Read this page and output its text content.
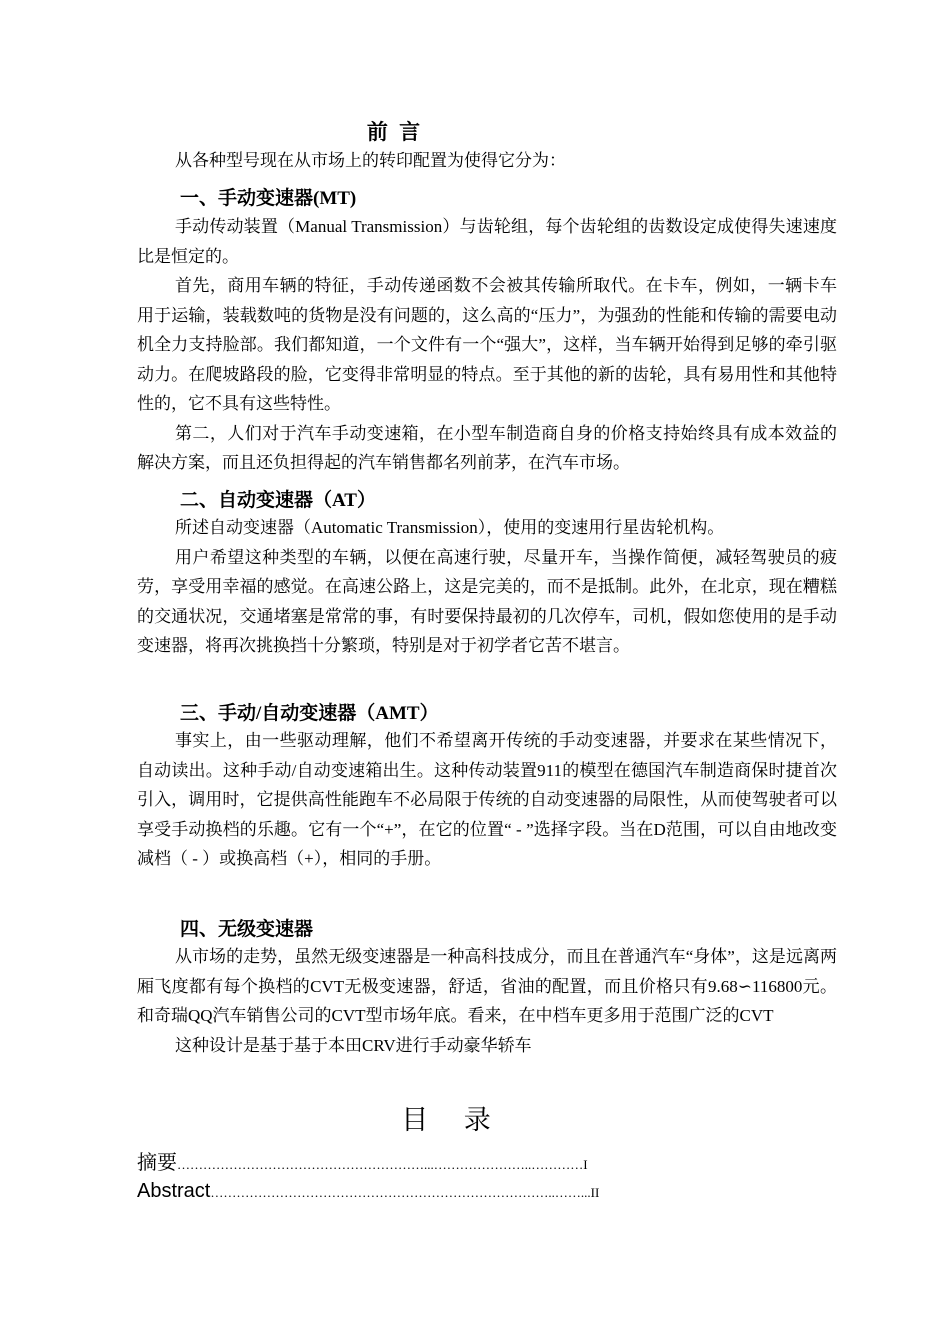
前 言

从各种型号现在从市场上的转印配置为使得它分为：

一、手动变速器(MT)

手动传动装置（Manual Transmission）与齿轮组，每个齿轮组的齿数设定成使得失速速度比是恒定的。

首先，商用车辆的特征，手动传递函数不会被其传输所取代。在卡车，例如，一辆卡车用于运输，装载数吨的货物是没有问题的，这么高的“压力”，为强劲的性能和传输的需要电动机全力支持脸部。我们都知道，一个文件有一个“强大”，这样，当车辆开始得到足够的牵引驱动力。在爬坡路段的脸，它变得非常明显的特点。至于其他的新的齿轮，具有易用性和其他特性的，它不具有这些特性。

第二，人们对于汽车手动变速箱，在小型车制造商自身的价格支持始终具有成本效益的解决方案，而且还负担得起的汽车销售都名列前茅，在汽车市场。

二、自动变速器（AT）

所述自动变速器（Automatic Transmission），使用的变速用行星齿轮机构。

用户希望这种类型的车辆，以便在高速行驶，尽量开车，当操作简便，减轻驾驶员的疲劳，享受用幸福的感觉。在高速公路上，这是完美的，而不是抵制。此外，在北京，现在糟糕的交通状况，交通堵塞是常常的事，有时要保持最初的几次停车，司机，假如您使用的是手动变速器，将再次挑换挡十分繁琐，特别是对于初学者它苦不堪言。

三、手动/自动变速器（AMT）

事实上，由一些驱动理解，他们不希望离开传统的手动变速器，并要求在某些情况下，自动读出。这种手动/自动变速箱出生。这种传动装置911的模型在德国汽车制造商保时捷首次引入，调用时，它提供高性能跑车不必局限于传统的自动变速器的局限性，从而使驾驶者可以享受手动换档的乐趣。它有一个“+”，在它的位置“ - ”选择字段。当在D范围，可以自由地改变减档（ - ）或换高档（+），相同的手册。

四、无级变速器

从市场的走势，虽然无级变速器是一种高科技成分，而且在普通汽车“身体”，这是远离两厢飞度都有每个换档的CVT无极变速器，舒适，省油的配置，而且价格只有9.68∽116800元。和奇瑞QQ汽车销售公司的CVT型市场年底。看来，在中档车更多用于范围广泛的CVT

这种设计是基于基于本田CRV进行手动豪华轿车

目 录
摘要…………………………………………………...…………………..…………I
Abstract……………………………………………………………………..……...II
